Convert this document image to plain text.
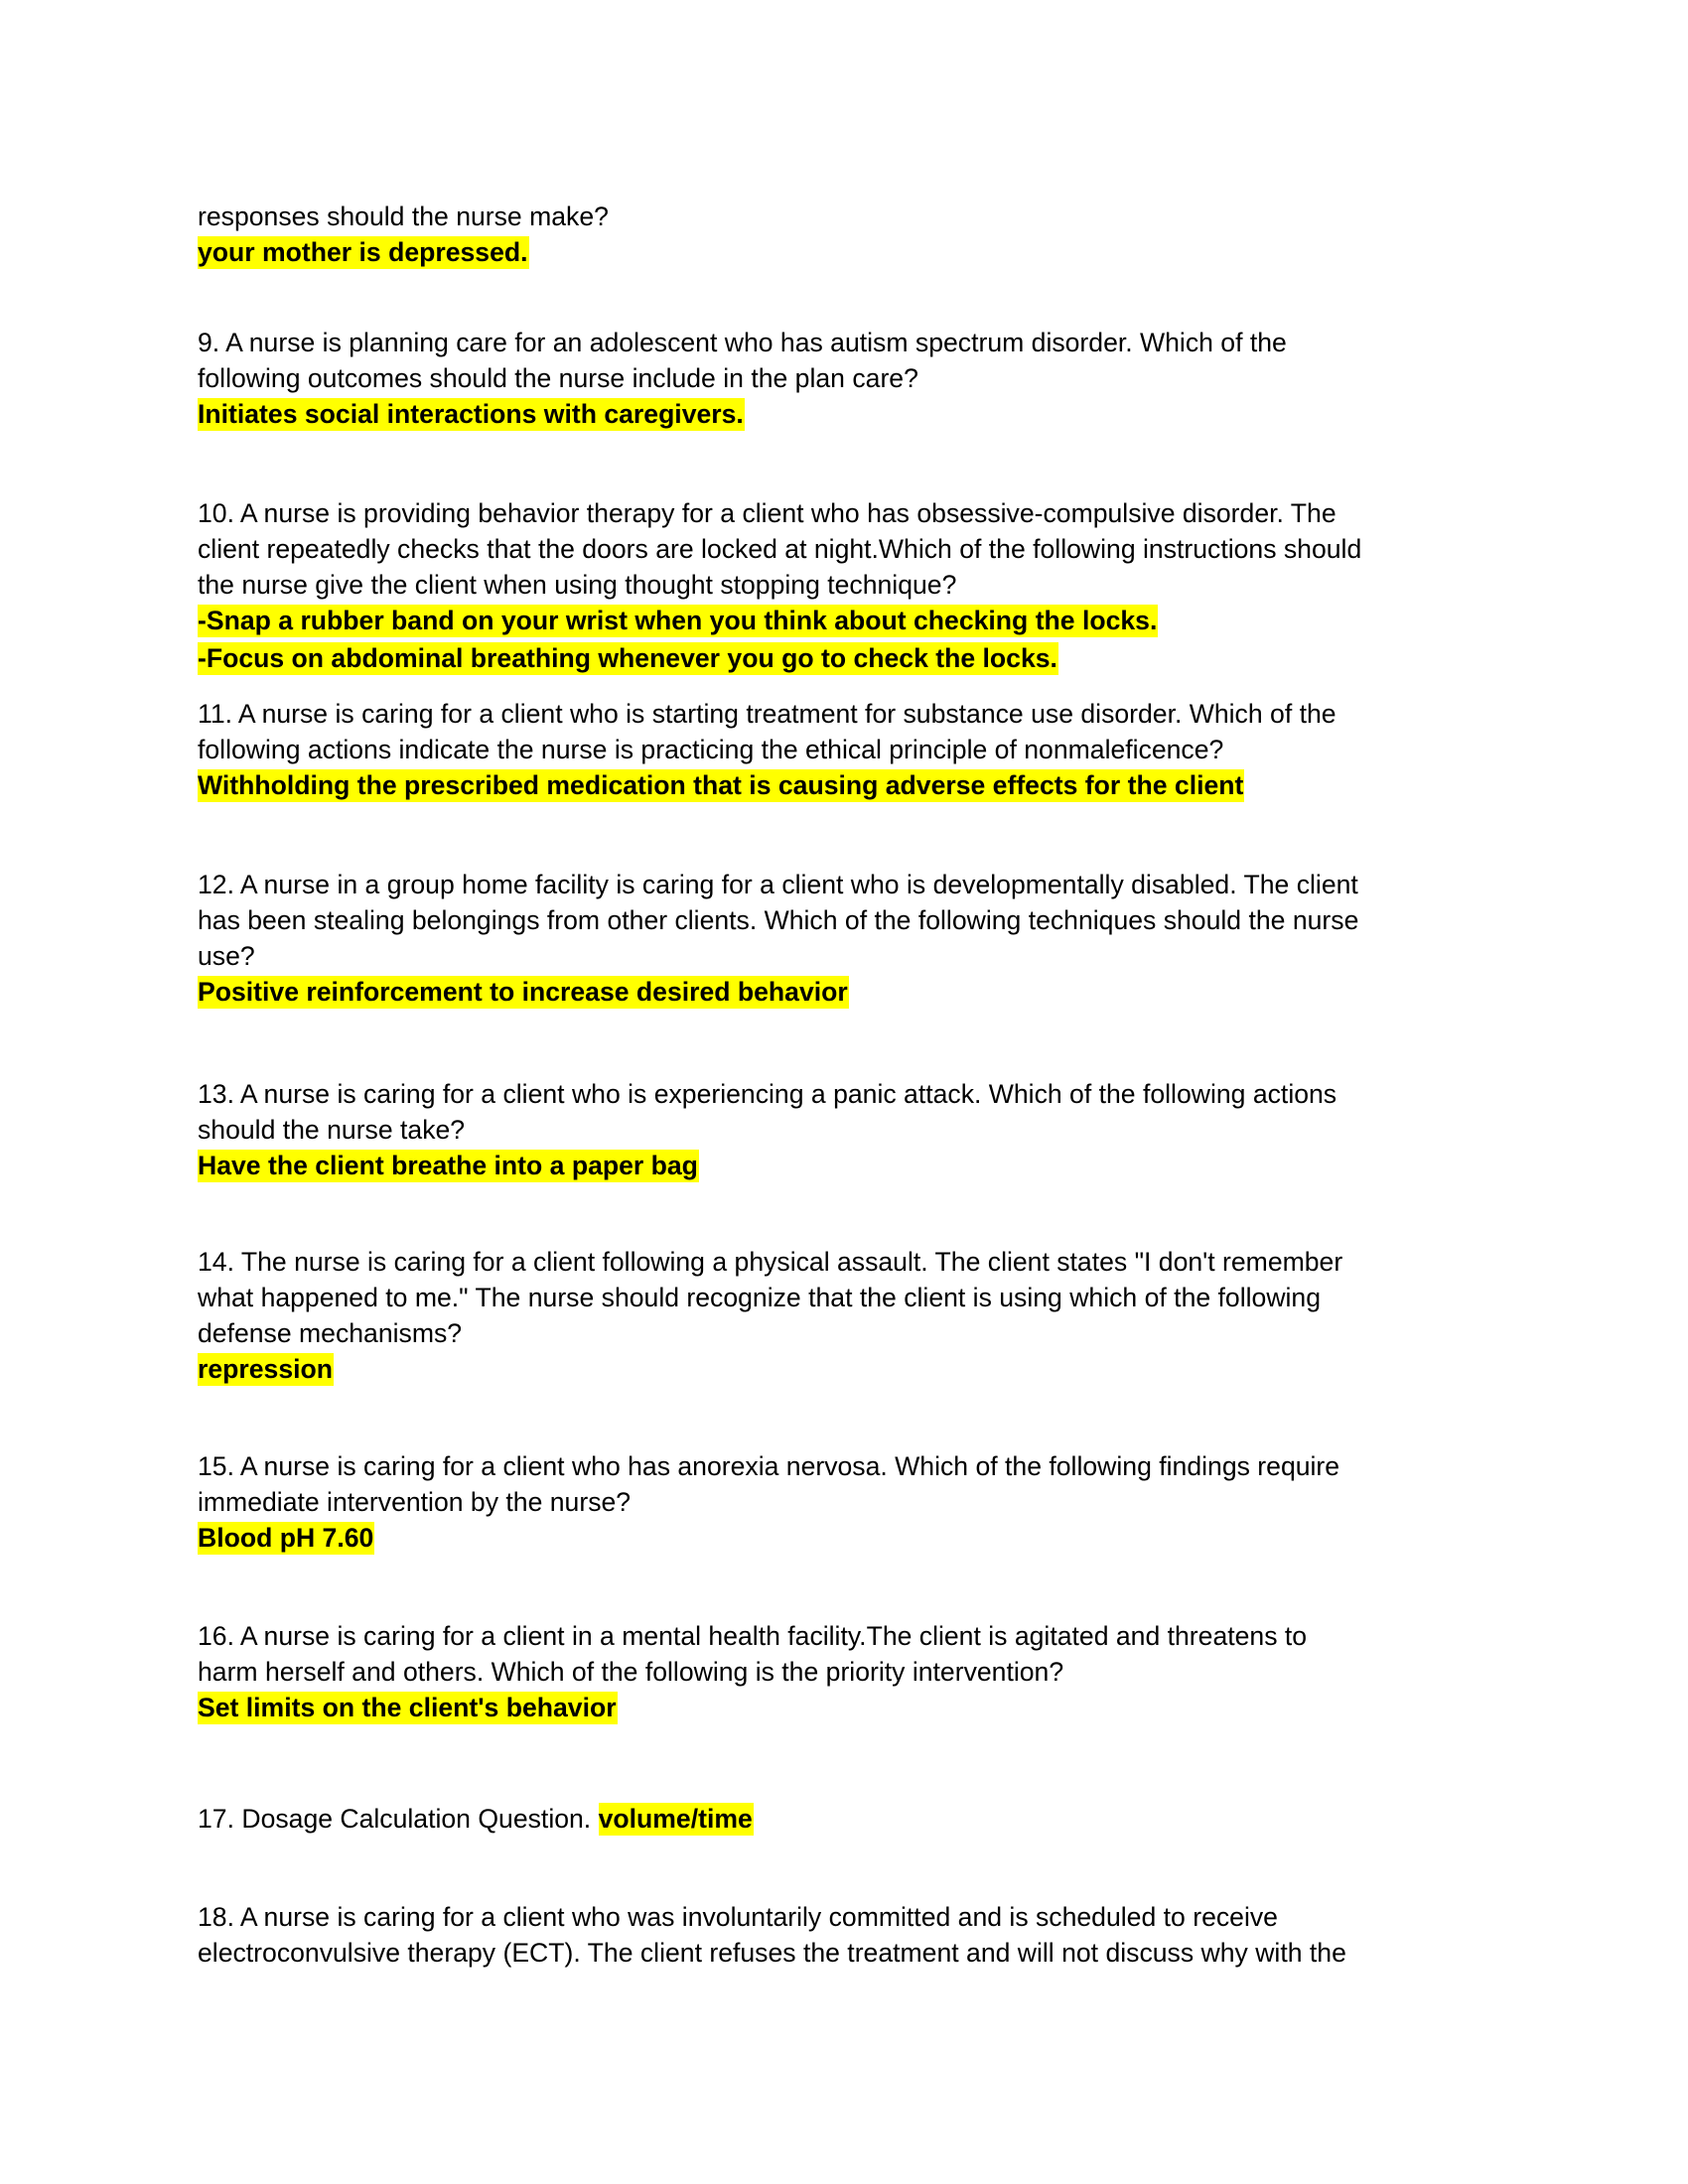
responses should the nurse make?
your mother is depressed.
9. A nurse is planning care for an adolescent who has autism spectrum disorder. Which of the
following outcomes should the nurse include in the plan care?
Initiates social interactions with caregivers.
10. A nurse is providing behavior therapy for a client who has obsessive-compulsive disorder. The
client repeatedly checks that the doors are locked at night.Which of the following instructions should
the nurse give the client when using thought stopping technique?
-Snap a rubber band on your wrist when you think about checking the locks.
-Focus on abdominal breathing whenever you go to check the locks.
11. A nurse is caring for a client who is starting treatment for substance use disorder. Which of the
following actions indicate the nurse is practicing the ethical principle of nonmaleficence?
Withholding the prescribed medication that is causing adverse effects for the client
12. A nurse in a group home facility is caring for a client who is developmentally disabled. The client
has been stealing belongings from other clients. Which of the following techniques should the nurse
use?
Positive reinforcement to increase desired behavior
13. A nurse is caring for a client who is experiencing a panic attack. Which of the following actions
should the nurse take?
Have the client breathe into a paper bag
14. The nurse is caring for a client following a physical assault. The client states "I don't remember
what happened to me." The nurse should recognize that the client is using which of the following
defense mechanisms?
repression
15. A nurse is caring for a client who has anorexia nervosa. Which of the following findings require
immediate intervention by the nurse?
Blood pH 7.60
16. A nurse is caring for a client in a mental health facility.The client is agitated and threatens to
harm herself and others. Which of the following is the priority intervention?
Set limits on the client's behavior
17. Dosage Calculation Question. volume/time
18. A nurse is caring for a client who was involuntarily committed and is scheduled to receive
electroconvulsive therapy (ECT). The client refuses the treatment and will not discuss why with the
